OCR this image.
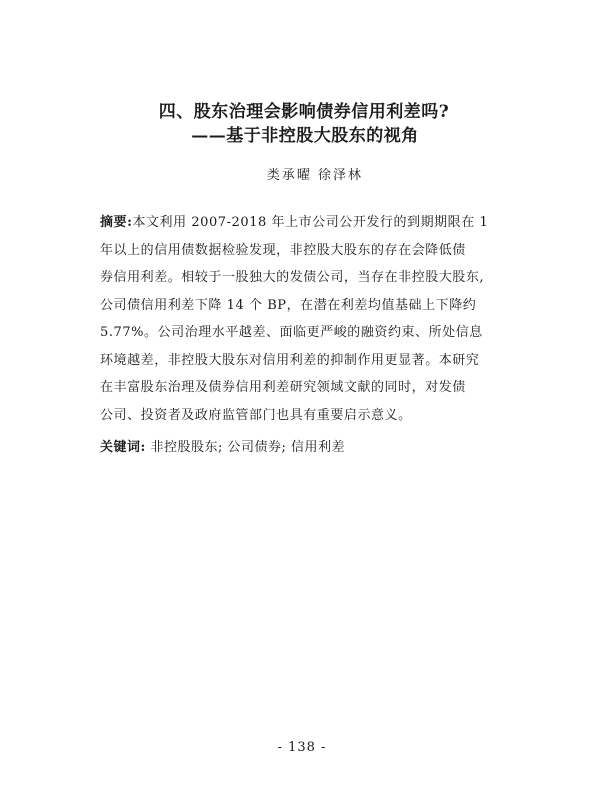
四、股东治理会影响债券信用利差吗?
——基于非控股大股东的视角
类承曜 徐泽林
摘要:本文利用 2007-2018 年上市公司公开发行的到期期限在 1
年以上的信用债数据检验发现，非控股大股东的存在会降低债
券信用利差。相较于一股独大的发债公司，当存在非控股大股东,
公司债信用利差下降 14 个 BP，在潜在利差均值基础上下降约
5.77%。公司治理水平越差、面临更严峻的融资约束、所处信息
环境越差，非控股大股东对信用利差的抑制作用更显著。本研究
在丰富股东治理及债券信用利差研究领域文献的同时，对发债
公司、投资者及政府监管部门也具有重要启示意义。
关键词: 非控股股东; 公司债券; 信用利差
- 138 -
